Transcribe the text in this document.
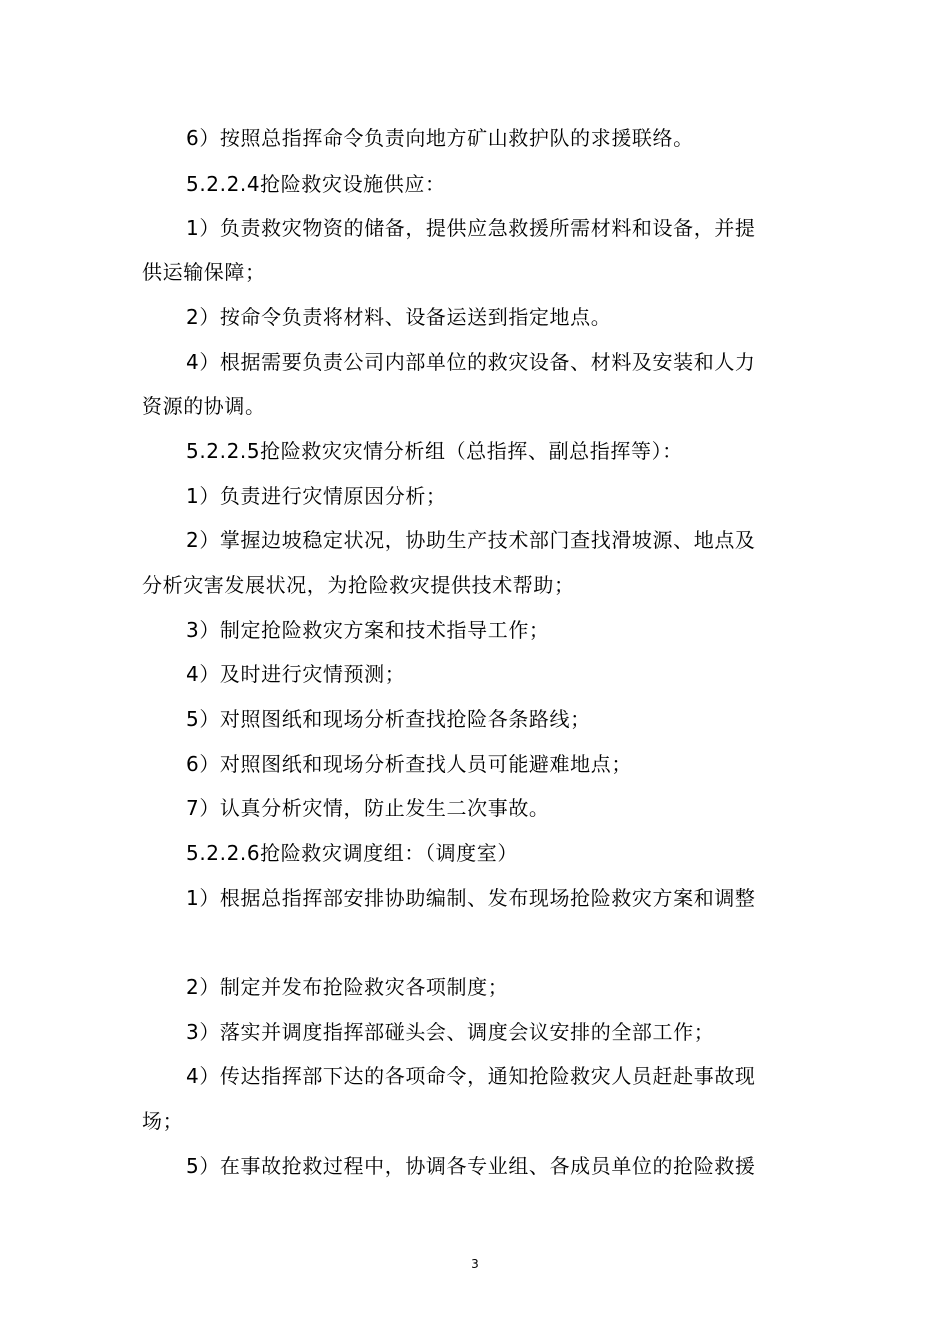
6）按照总指挥命令负责向地方矿山救护队的求援联络。
5.2.2.4抢险救灾设施供应：
1）负责救灾物资的储备，提供应急救援所需材料和设备，并提
供运输保障；
2）按命令负责将材料、设备运送到指定地点。
4）根据需要负责公司内部单位的救灾设备、材料及安装和人力
资源的协调。
5.2.2.5抢险救灾灾情分析组（总指挥、副总指挥等）：
1）负责进行灾情原因分析；
2）掌握边坡稳定状况，协助生产技术部门查找滑坡源、地点及
分析灾害发展状况，为抢险救灾提供技术帮助；
3）制定抢险救灾方案和技术指导工作；
4）及时进行灾情预测；
5）对照图纸和现场分析查找抢险各条路线；
6）对照图纸和现场分析查找人员可能避难地点；
7）认真分析灾情，防止发生二次事故。
5.2.2.6抢险救灾调度组：（调度室）
1）根据总指挥部安排协助编制、发布现场抢险救灾方案和调整
2）制定并发布抢险救灾各项制度；
3）落实并调度指挥部碰头会、调度会议安排的全部工作；
4）传达指挥部下达的各项命令，通知抢险救灾人员赶赴事故现
场；
5）在事故抢救过程中，协调各专业组、各成员单位的抢险救援
3
